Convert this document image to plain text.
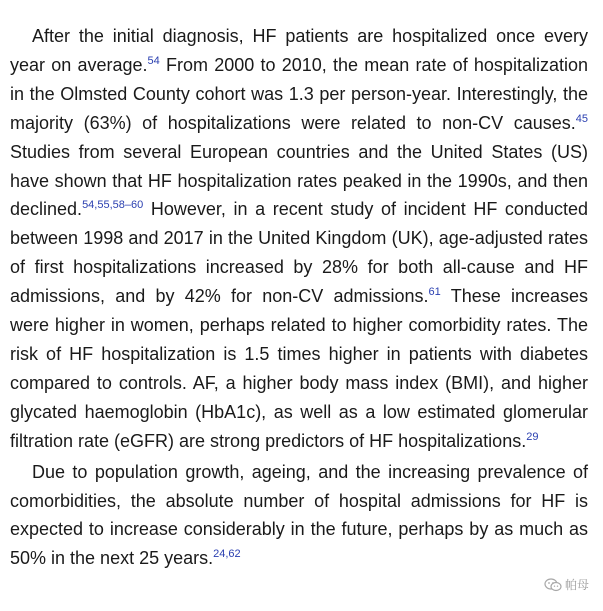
After the initial diagnosis, HF patients are hospitalized once every year on average.$^{54}$ From 2000 to 2010, the mean rate of hospitalization in the Olmsted County cohort was 1.3 per person-year. Interestingly, the majority (63%) of hospitalizations were related to non-CV causes.$^{45}$ Studies from several European countries and the United States (US) have shown that HF hospitalization rates peaked in the 1990s, and then declined.$^{54,55,58-60}$ However, in a recent study of incident HF conducted between 1998 and 2017 in the United Kingdom (UK), age-adjusted rates of first hospitalizations increased by 28% for both all-cause and HF admissions, and by 42% for non-CV admissions.$^{61}$ These increases were higher in women, perhaps related to higher comorbidity rates. The risk of HF hospitalization is 1.5 times higher in patients with diabetes compared to controls. AF, a higher body mass index (BMI), and higher glycated haemoglobin (HbA1c), as well as a low estimated glomerular filtration rate (eGFR) are strong predictors of HF hospitalizations.$^{29}$

Due to population growth, ageing, and the increasing prevalence of comorbidities, the absolute number of hospital admissions for HF is expected to increase considerably in the future, perhaps by as much as 50% in the next 25 years.$^{24,62}$

帕母
